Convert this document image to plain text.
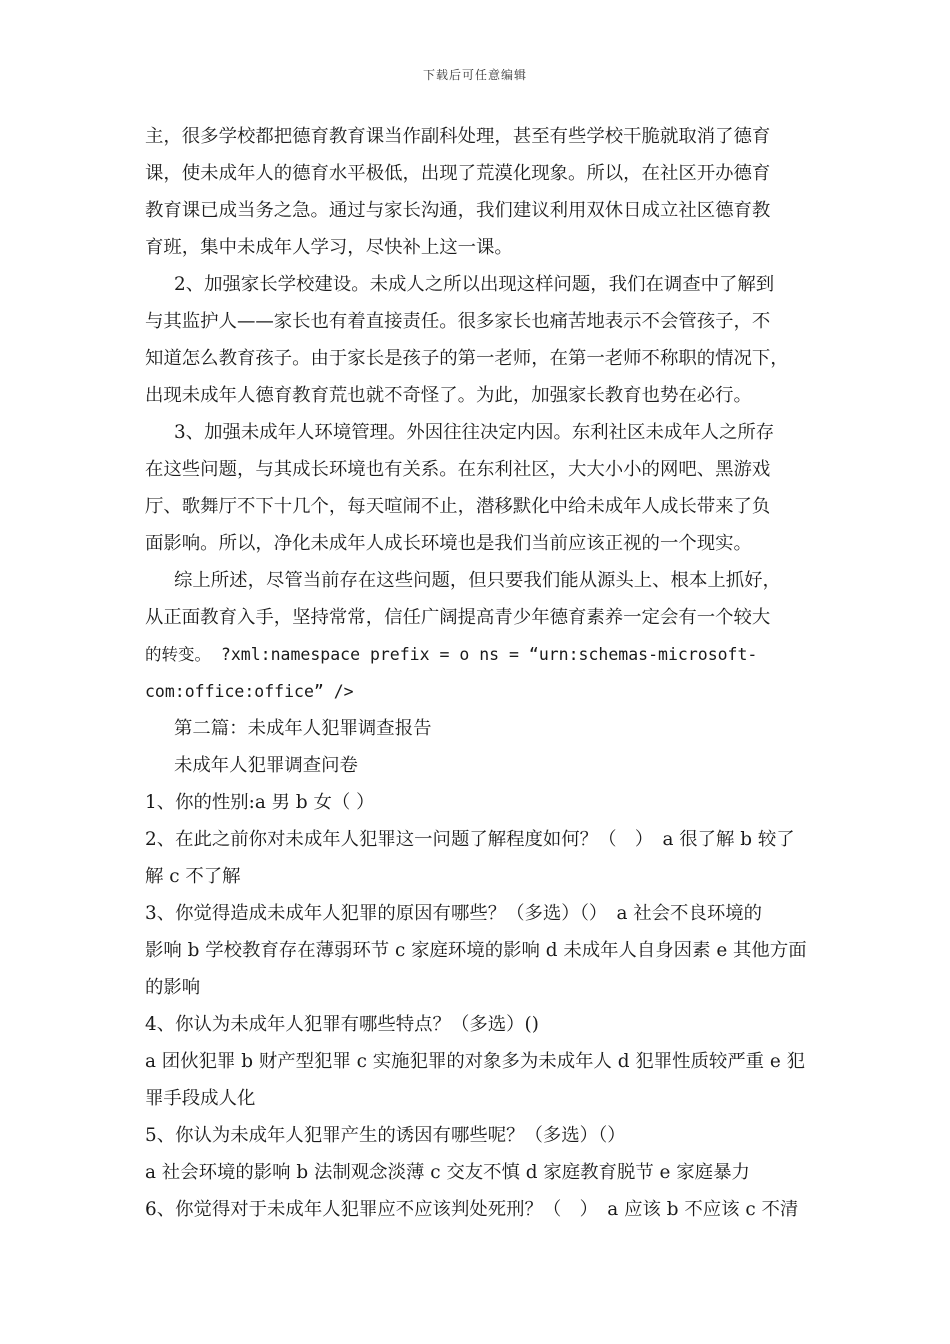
下载后可任意编辑
主，很多学校都把德育教育课当作副科处理，甚至有些学校干脆就取消了德育
课，使未成年人的德育水平极低，出现了荒漠化现象。所以，在社区开办德育
教育课已成当务之急。通过与家长沟通，我们建议利用双休日成立社区德育教
育班，集中未成年人学习，尽快补上这一课。
2、加强家长学校建设。未成人之所以出现这样问题，我们在调查中了解到
与其监护人——家长也有着直接责任。很多家长也痛苦地表示不会管孩子，不
知道怎么教育孩子。由于家长是孩子的第一老师，在第一老师不称职的情况下，
出现未成年人德育教育荒也就不奇怪了。为此，加强家长教育也势在必行。
3、加强未成年人环境管理。外因往往决定内因。东利社区未成年人之所存
在这些问题，与其成长环境也有关系。在东利社区，大大小小的网吧、黑游戏
厅、歌舞厅不下十几个，每天喧闹不止，潜移默化中给未成年人成长带来了负
面影响。所以，净化未成年人成长环境也是我们当前应该正视的一个现实。
综上所述，尽管当前存在这些问题，但只要我们能从源头上、根本上抓好，
从正面教育入手，坚持常常，信任广阔提高青少年德育素养一定会有一个较大
的转变。 ?xml:namespace prefix = o ns = “urn:schemas-microsoft-
com:office:office” />
第二篇：未成年人犯罪调查报告
未成年人犯罪调查问卷
1、你的性别:a 男 b 女（ ）
2、在此之前你对未成年人犯罪这一问题了解程度如何？（　）　a 很了解 b 较了
解 c 不了解
3、你觉得造成未成年人犯罪的原因有哪些？（多选）（）　a 社会不良环境的
影响 b 学校教育存在薄弱环节 c 家庭环境的影响 d 未成年人自身因素 e 其他方面
的影响
4、你认为未成年人犯罪有哪些特点？（多选）()
a 团伙犯罪 b 财产型犯罪 c 实施犯罪的对象多为未成年人 d 犯罪性质较严重 e 犯
罪手段成人化
5、你认为未成年人犯罪产生的诱因有哪些呢？（多选）（）
a 社会环境的影响 b 法制观念淡薄 c 交友不慎 d 家庭教育脱节 e 家庭暴力
6、你觉得对于未成年人犯罪应不应该判处死刑？（　）　a 应该 b 不应该 c 不清
